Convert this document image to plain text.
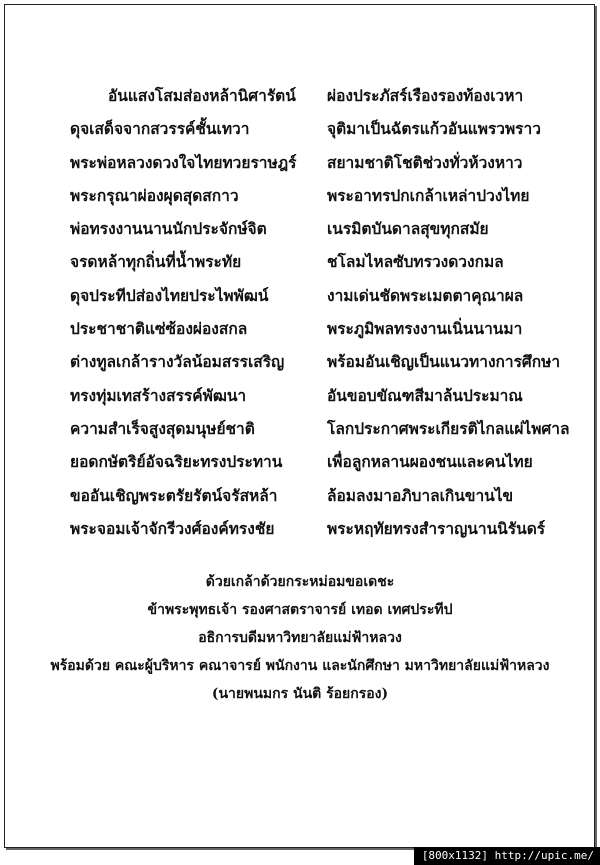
อันแสงโสมส่องหล้านิศารัตน์ ผ่องประภัสร์เรืองรองท้องเวหา
ดุจเสด็จจากสวรรค์ชั้นเทวา	จุติมาเป็นฉัตรแก้วอันแพรวพราว
พระพ่อหลวงดวงใจไทยทวยราษฎร์ สยามชาติโชติช่วงทั่วห้วงหาว
พระกรุณาผ่องผุดสุดสกาว	พระอาทรปกเกล้าเหล่าปวงไทย
พ่อทรงงานนานนักประจักษ์จิต	เนรมิตบันดาลสุขทุกสมัย
จรดหล้าทุกถิ่นที่น้ำพระทัย	ชโลมไหลซับทรวงดวงกมล
ดุจประทีปส่องไทยประไพพัฒน์	งามเด่นชัดพระเมตตาคุณาผล
ประชาชาติแซ่ซ้องผ่องสกล	พระภูมิพลทรงงานเนิ่นนานมา
ต่างทูลเกล้ารางวัลน้อมสรรเสริญ	พร้อมอันเชิญเป็นแนวทางการศึกษา
ทรงทุ่มเทสร้างสรรค์พัฒนา	อันขอบขัณฑสีมาล้นประมาณ
ความสำเร็จสูงสุดมนุษย์ชาติ	โลกประกาศพระเกียรติไกลแผ่ไพศาล
ยอดกษัตริย์อัจฉริยะทรงประทาน	เพื่อลูกหลานผองชนและคนไทย
ขออันเชิญพระตรัยรัตน์จรัสหล้า	ล้อมลงมาอภิบาลเกินขานไข
พระจอมเจ้าจักรีวงศ์องค์ทรงชัย	พระหฤทัยทรงสำราญนานนิรันดร์
ด้วยเกล้าด้วยกระหม่อมขอเดชะ
ข้าพระพุทธเจ้า รองศาสตราจารย์ เทอด เทศประทีป
อธิการบดีมหาวิทยาลัยแม่ฟ้าหลวง
พร้อมด้วย คณะผู้บริหาร คณาจารย์ พนักงาน และนักศึกษา มหาวิทยาลัยแม่ฟ้าหลวง
(นายพนมกร นันติ ร้อยกรอง)
[800x1132] http://upic.me/
